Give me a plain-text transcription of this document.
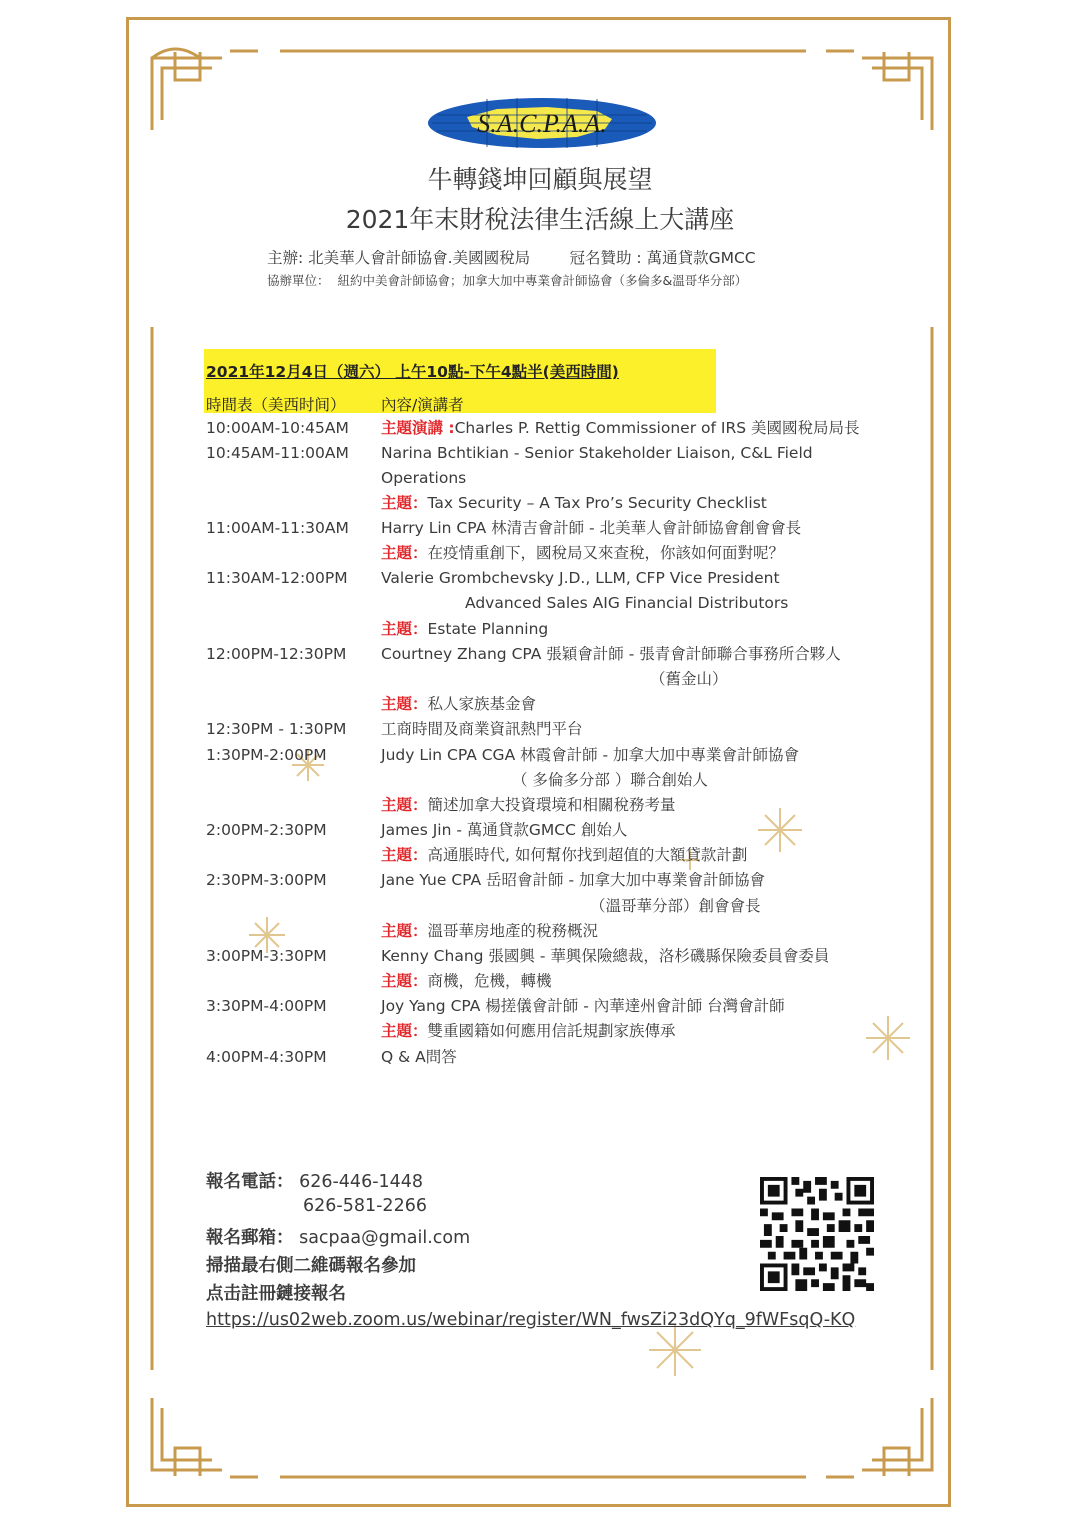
S.A.C.P.A.A.
牛轉錢坤回顧與展望
2021年末財稅法律生活線上大講座
主辦: 北美華人會計師協會.美國國稅局        冠名贊助 : 萬通貸款GMCC
協辦單位：  紐約中美會計師協會；加拿大加中專業會計師協會（多倫多&溫哥华分部）
2021年12月4日（週六） 上午10點-下午4點半(美西時間)
時間表（美西时间） 內容/演講者
10:00AM-10:45AM 主題演講 :Charles P. Rettig Commissioner of IRS 美國國稅局局長
10:45AM-11:00AM Narina Bchtikian - Senior Stakeholder Liaison, C&L Field
Operations
主題：Tax Security – A Tax Pro’s Security Checklist
11:00AM-11:30AM Harry Lin CPA 林清吉會計師 - 北美華人會計師協會創會會長
主題：在疫情重創下，國稅局又來查稅，你該如何面對呢？
11:30AM-12:00PM Valerie Grombchevsky J.D., LLM, CFP Vice President
Advanced Sales AIG Financial Distributors
主題：Estate Planning
12:00PM-12:30PM Courtney Zhang CPA 張穎會計師 - 張青會計師聯合事務所合夥人
（舊金山）
主題：私人家族基金會
12:30PM - 1:30PM 工商時間及商業資訊熱門平台
1:30PM-2:00PM	Judy Lin CPA CGA 林霞會計師 - 加拿大加中專業會計師協會
（ 多倫多分部 ）聯合創始人
主題：簡述加拿大投資環境和相關稅務考量
2:00PM-2:30PM	James Jin - 萬通貸款GMCC 創始人
主題：高通脹時代, 如何幫你找到超值的大額貸款計劃
2:30PM-3:00PM	Jane Yue CPA 岳昭會計師 - 加拿大加中專業會計師協會
（溫哥華分部）創會會長
主題：溫哥華房地產的稅務概況
3:00PM-3:30PM	Kenny Chang 張國興 - 華興保險總裁，洛杉磯縣保險委員會委員
主題：商機，危機，轉機
3:30PM-4:00PM	Joy Yang CPA 楊搓儀會計師 - 內華達州會計師 台灣會計師
主題：雙重國籍如何應用信託規劃家族傳承
4:00PM-4:30PM	Q & A問答
報名電話： 626-446-1448
626-581-2266
報名郵箱： sacpaa@gmail.com
掃描最右側二維碼報名參加
点击註冊鏈接報名
https://us02web.zoom.us/webinar/register/WN_fwsZi23dQYq_9fWFsqQ-KQ
